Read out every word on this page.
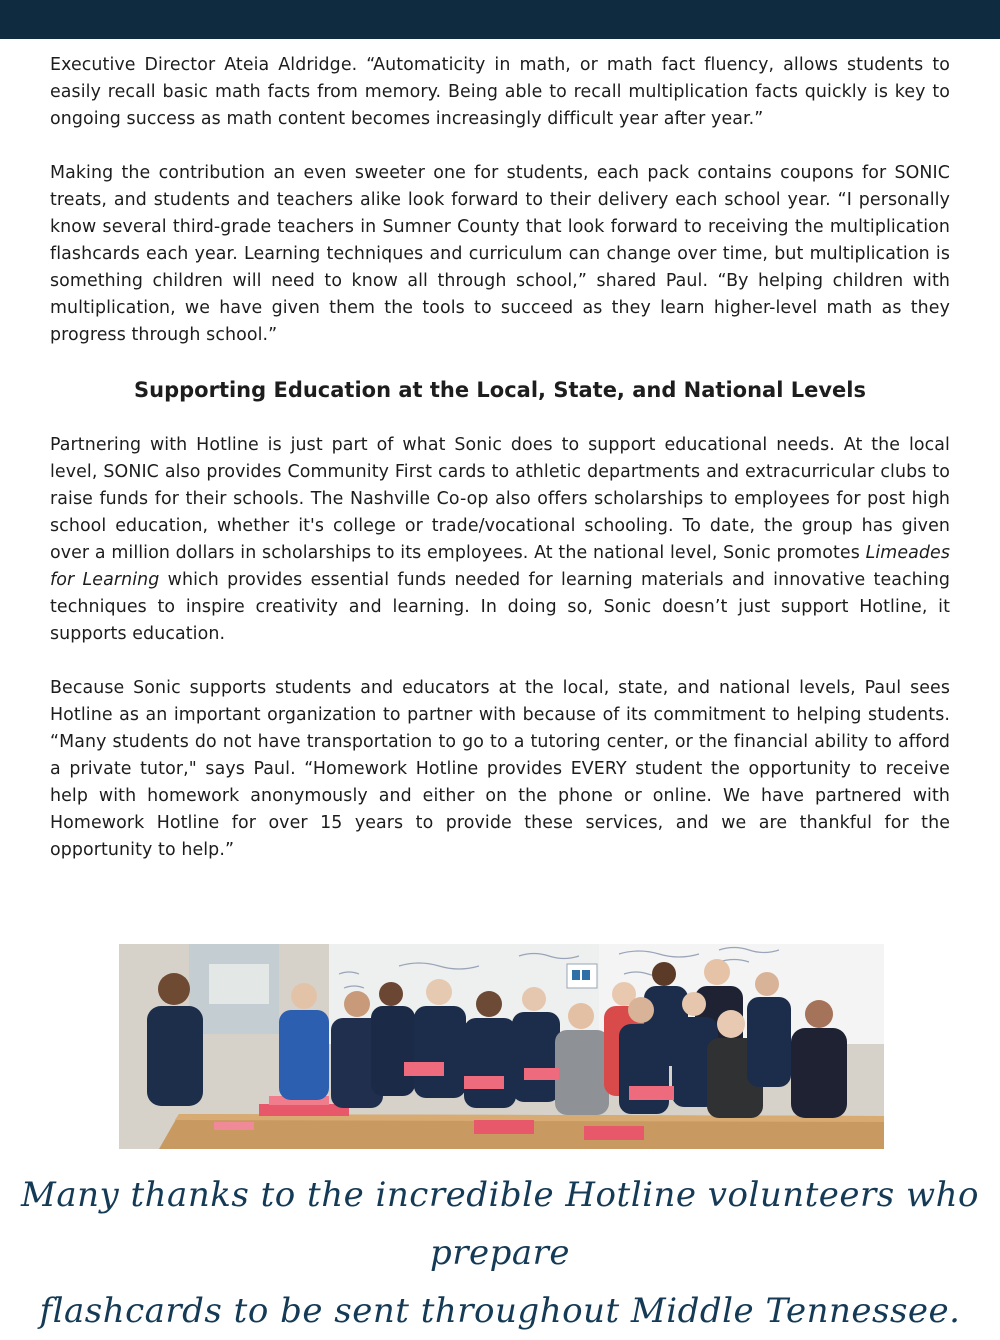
Executive Director Ateia Aldridge. “Automaticity in math, or math fact fluency, allows students to easily recall basic math facts from memory. Being able to recall multiplication facts quickly is key to ongoing success as math content becomes increasingly difficult year after year.”

Making the contribution an even sweeter one for students, each pack contains coupons for SONIC treats, and students and teachers alike look forward to their delivery each school year. “I personally know several third-grade teachers in Sumner County that look forward to receiving the multiplication flashcards each year. Learning techniques and curriculum can change over time, but multiplication is something children will need to know all through school,” shared Paul. “By helping children with multiplication, we have given them the tools to succeed as they learn higher-level math as they progress through school.”

Supporting Education at the Local, State, and National Levels

Partnering with Hotline is just part of what Sonic does to support educational needs. At the local level, SONIC also provides Community First cards to athletic departments and extracurricular clubs to raise funds for their schools. The Nashville Co-op also offers scholarships to employees for post high school education, whether it's college or trade/vocational schooling. To date, the group has given over a million dollars in scholarships to its employees. At the national level, Sonic promotes Limeades for Learning which provides essential funds needed for learning materials and innovative teaching techniques to inspire creativity and learning. In doing so, Sonic doesn’t just support Hotline, it supports education.

Because Sonic supports students and educators at the local, state, and national levels, Paul sees Hotline as an important organization to partner with because of its commitment to helping students. “Many students do not have transportation to go to a tutoring center, or the financial ability to afford a private tutor," says Paul. “Homework Hotline provides EVERY student the opportunity to receive help with homework anonymously and either on the phone or online. We have partnered with Homework Hotline for over 15 years to provide these services, and we are thankful for the opportunity to help.”

Many thanks to the incredible Hotline volunteers who prepare
flashcards to be sent throughout Middle Tennessee.
